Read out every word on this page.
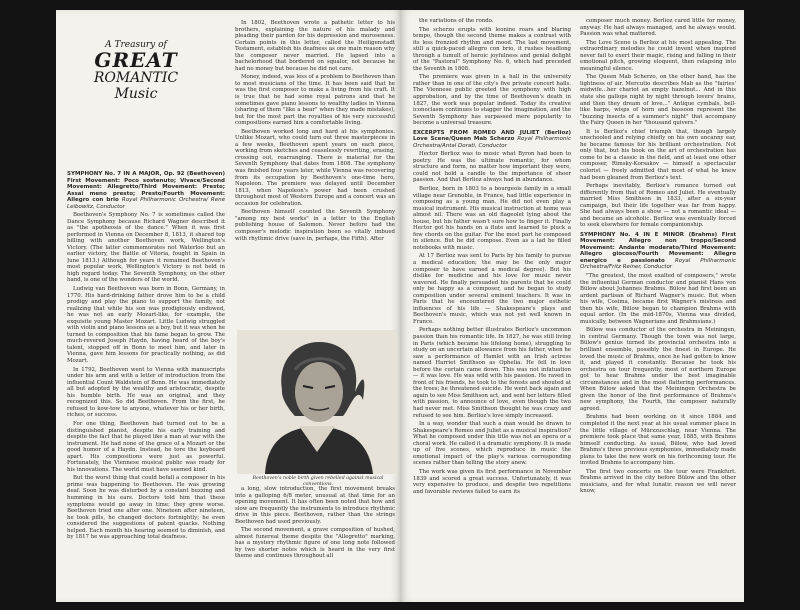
A Treasury of
GREAT
ROMANTIC
Music
SYMPHONY No. 7 IN A MAJOR, Op. 92 (Beethoven) First Movement: Poco sostenuto; Vivace/Second Movement: Allegretto/Third Movement: Presto; Assai meno presto; Presto/Fourth Movement: Allegro con brio Royal Philharmonic Orchestra/ René Leibowitz, Conductor

Beethoven's Symphony No. 7 is sometimes called the Dance Symphony because Richard Wagner described it as "the apotheosis of the dance." When it was first performed in Vienna on December 8, 1813, it shared top billing with another Beethoven work, Wellington's Victory. (The latter commemorates not Waterloo but an earlier victory, the Battle of Vitoria, fought in Spain in June 1813.) Although for years it remained Beethoven's most popular work, Wellington's Victory is not held in high regard today. The Seventh Symphony, on the other hand, is one of the wonders of the world.

Ludwig van Beethoven was born in Bonn, Germany, in 1770. His hard-drinking father drove him to be a child prodigy and play the piano to support the family, not realizing that while his son was prodigiously endowed, he was not an early Mozart-like, for example, the exquisite young Master Mozart. Little Ludwig struggled with violin and piano lessons as a boy, but it was when he turned to composition that his fame began to grow. The much-revered Joseph Haydn, having heard of the boy's talent, stopped off in Bonn to meet him, and later in Vienna, gave him lessons for practically nothing, as did Mozart.

In 1792, Beethoven went to Vienna with manuscripts under his arm and with a letter of introduction from the influential Count Waldstein of Bonn. He was immediately all but adopted by the wealthy and aristocratic, despite his humble birth. He was an original, and they recognized this. So did Beethoven. From the first, he refused to kow-tow to anyone, whatever his or her birth, riches, or success.

For one thing, Beethoven had turned out to be a distinguished pianist, despite his early training and despite the fact that he played like a man at war with the instrument. He had none of the grace of a Mozart or the good humor of a Haydn. Instead, he tore the keyboard apart. His compositions were just as powerful. Fortunately, the Viennese musical public was ready for his innovations. The world must have seemed kind.

But the worst thing that could befall a composer in his prime was happening to Beethoven. He was growing deaf. Soon he was disturbed by a constant buzzing and humming in his ears. Doctors told him that these symptoms would go away in time; they grew worse. Beethoven tried one after one. Nineteen after nineteen, he took pills, he changed doctors fortnightly; he even considered the suggestions of patent quacks. Nothing helped. Each month his hearing seemed to diminish, and by 1817 he was approaching total deafness.

In 1802, Beethoven wrote a pathetic letter to his brothers, explaining the nature of his malady and pleading their pardon for his depression and moroseness. Certain points in this letter, called the Heiligenstadt Testament, establish his deafness as one main reason why the composer never married. He lapsed into a bachelorhood that bordered on squalor, not because he had no money but because he did not care.

Money, indeed, was less of a problem to Beethoven than to most musicians of the time. It has been said that he was the first composer to make a living from his craft. It is true that he had some royal patrons and that he sometimes gave piano lessons to wealthy ladies in Vienna (sharing of them "like a bear" when they made mistakes), but for the most part the royalties of his very successful compositions earned him a comfortable living.

Beethoven worked long and hard at his symphonies. Unlike Mozart, who could turn out three masterpieces in a few weeks, Beethoven spent years on each piece, working from sketches and ceaselessly rewriting, erasing, crossing out, rearranging. There is material for the Seventh Symphony that dates from 1808. The symphony was finished four years later, while Vienna was recovering from its occupation by Beethoven's one-time hero, Napoleon. The premiere was delayed until December 1813, when Napoleon's power had been crushed throughout most of Western Europe and a concert was an occasion for celebration.

Beethoven himself counted the Seventh Symphony "among my best works" in a letter to the English publishing house of Salomon. Never before had the composer's melodic inspiration been so vitally imbued with rhythmic drive (save in, perhaps, the Fifth). After

Beethoven's noble birth given rebelled against musical conventions.

a long, slow introduction, the first movement breaks into a galloping 6/8 meter, unusual at that time for an opening movement. It has often been noted that how and slow are frequently the instruments to introduce rhythmic drive in this piece. Beethoven, rather than the strings Beethoven had used previously.

The second movement, a grave composition of hushed, almost funereal theme despite the "Allegretto" marking, has a mystery rhythmic figure of one long note followed by two shorter notes which is heard in the very first theme and continues throughout all

the variations of the rondo.

The scherzo erupts with leonine roars and blaring tempo, though the second theme makes a contrast with its less frenzied rhythm and mood. The last movement, still a quick-paced allegro con brio, it rushes headlong through a tumult of heroic joyfulness and genial delight of the "Pastoral" Symphony No. 6, which had preceded the Seventh in 1808.

The premiere was given in a hall in the university rather than in one of the city's five private concert halls. The Viennese public greeted the symphony with high approbation, and by the time of Beethoven's death in 1827, the work was popular indeed. Today its creative iconoclasm continues to stagger the imagination, and the Seventh Symphony has surpassed mere popularity to become a universal treasure.

EXCERPTS FROM ROMEO AND JULIET (Berlioz) Love Scene/Queen Mab Scherzo Royal Philharmonic Orchestra/Antal Dorati, Conductor

Hector Berlioz was to music what Byron had been to poetry. He was the ultimate romantic, for whom structure and form, no matter how important they were, could not hold a candle to the importance of sheer passion. And that Berlioz always had in abundance.

Berlioz, born in 1803 to a bourgeois family in a small village near Grenoble, in France, had little experience in composing as a young man. He did not even play a musical instrument. His musical instruction at home was almost nil. There was an old flageolet lying about the house, but his father wasn't sure how to finger it. Finally Hector got his hands on a flute and learned to pluck a few chords on the guitar. For the most part he composed in silence. But he did compose. Even as a lad he filled notebooks with music.

At 17 Berlioz was sent to Paris by his family to pursue a medical education; the may be the only major composer to have earned a medical degree). But his dislike for medicine and his love for music never wavered. He finally persuaded his parents that he could only be happy as a composer, and he began to study composition under several eminent teachers. It was in Paris that he encountered the two major esthetic influences of his life — Shakespeare's plays and Beethoven's music, which was not yet well known in France.

Perhaps nothing better illustrates Berlioz's uncommon passion than his romantic life. In 1827, he was still living in Paris (which became his lifelong home), struggling to study on an uncertain allowance from his father, when he saw a performance of Hamlet with an Irish actress named Harriet Smithson as Ophelia. He fell in love before the curtain came down. This was not infatuation — it was love. He was wild with his passion. He raved in front of his friends, he took to the forests and shouted at the trees; he threatened suicide. He went back again and again to see Miss Smithson act, and sent her letters filled with passion, to announce of love, even though the two had never met. Miss Smithson thought he was crazy and refused to see him. Berlioz's love simply increased.

In a way, wonder that such a man would be drawn to Shakespeare's Romeo and Juliet as a musical inspiration? What he composed under this title was not an opera or a choral work. He called it a dramatic symphony. It is made up of five scenes, which reproduce in music the emotional impact of the play's various corresponding scenes rather than telling the story anew.

The work was given its first performance in November 1839 and scored a great success. Unfortunately, it was very expensive to produce, and despite two repetitions and favorable reviews failed to earn its

composer much money. Berlioz cared little for money, anyway. He had always managed, and he always would. Passion was what mattered.

The Love Scene is Berlioz at his most appealing. The extraordinary melodies he could invent when inspired never fail to exert their magic, rising and falling in their emotional pitch, growing eloquent, then relapsing into meaningful silence.

The Queen Mab Scherzo, on the other hand, has the lightness of air. Mercutio describes Mab as the "fairies' midwife...her chariot an empty hazelnut... And in this state she gallops night by night through lovers' brains, and then they dream of love..." Antique cymbals, bell-like harps, wisps of horn and bassoon represent the "buzzing insects of a summer's night" that accompany the Fairy Queen in her "thousand quivers."

It is Berlioz's chief triumph that, though largely unschooled and relying chiefly on his own uncanny ear, he became famous for his brilliant orchestration. Not only that, but his book on the art of orchestration has come to be a classic in the field, and at least one other composer, Rimsky-Korsakov — himself a spectacular colorist — freely admitted that most of what he knew had been gleaned from Berlioz's text.

Perhaps inevitably, Berlioz's romance turned out differently from that of Romeo and Juliet. He eventually married Miss Smithson in 1833, after a six-year campaign, but their life together was far from happy. She had always been a show — not a romantic ideal — and became an alcoholic. Berlioz was eventually forced to seek elsewhere for female companionship.

SYMPHONY No. 4 IN E MINOR (Brahms) First Movement: Allegro non troppo/Second Movement: Andante moderato/Third Movement: Allegro giocoso/Fourth Movement: Allegro energico e passionato Royal Philharmonic Orchestra/Fritz Reiner, Conductor

"The greatest, the most exalted of composers," wrote the influential German conductor and pianist Hans von Bülow about Johannes Brahms. Bülow had first been an ardent partisan of Richard Wagner's music. But when his wife, Cosima, became first Wagner's mistress and then his wife, Bülow began to champion Brahms with equal ardor. (In the mid-1870s, Vienna was divided, musically, between Wagnerians and Brahmsians.)

Bülow was conductor of the orchestra in Meiningen, in central Germany. Though the town was not large, Bülow's genius turned its provincial orchestra into a brilliant ensemble, possibly the finest in Europe. He loved the music of Brahms, once he had gotten to know it, and played it constantly. Because he took his orchestra on tour frequently, most of northern Europe got to hear Brahms under the best imaginable circumstances and in the most flattering performances. When Bülow asked that the Meiningen Orchestra be given the honor of the first performance of Brahms's new symphony, the Fourth, the composer naturally agreed.

Brahms had been working on it since 1884 and completed it the next year at his usual summer place in the little village of Mürzzuschlag, near Vienna. The premiere took place that same year, 1885, with Brahms himself conducting. As usual, Bülow, who had loved Brahms's three previous symphonies, immediately made plans to take the new work on his forthcoming tour. He invited Brahms to accompany him.

The first two concerts on the tour were Frankfurt. Brahms arrived in the city before Bülow and the other musicians, and for what lunatic reason we will never know,
